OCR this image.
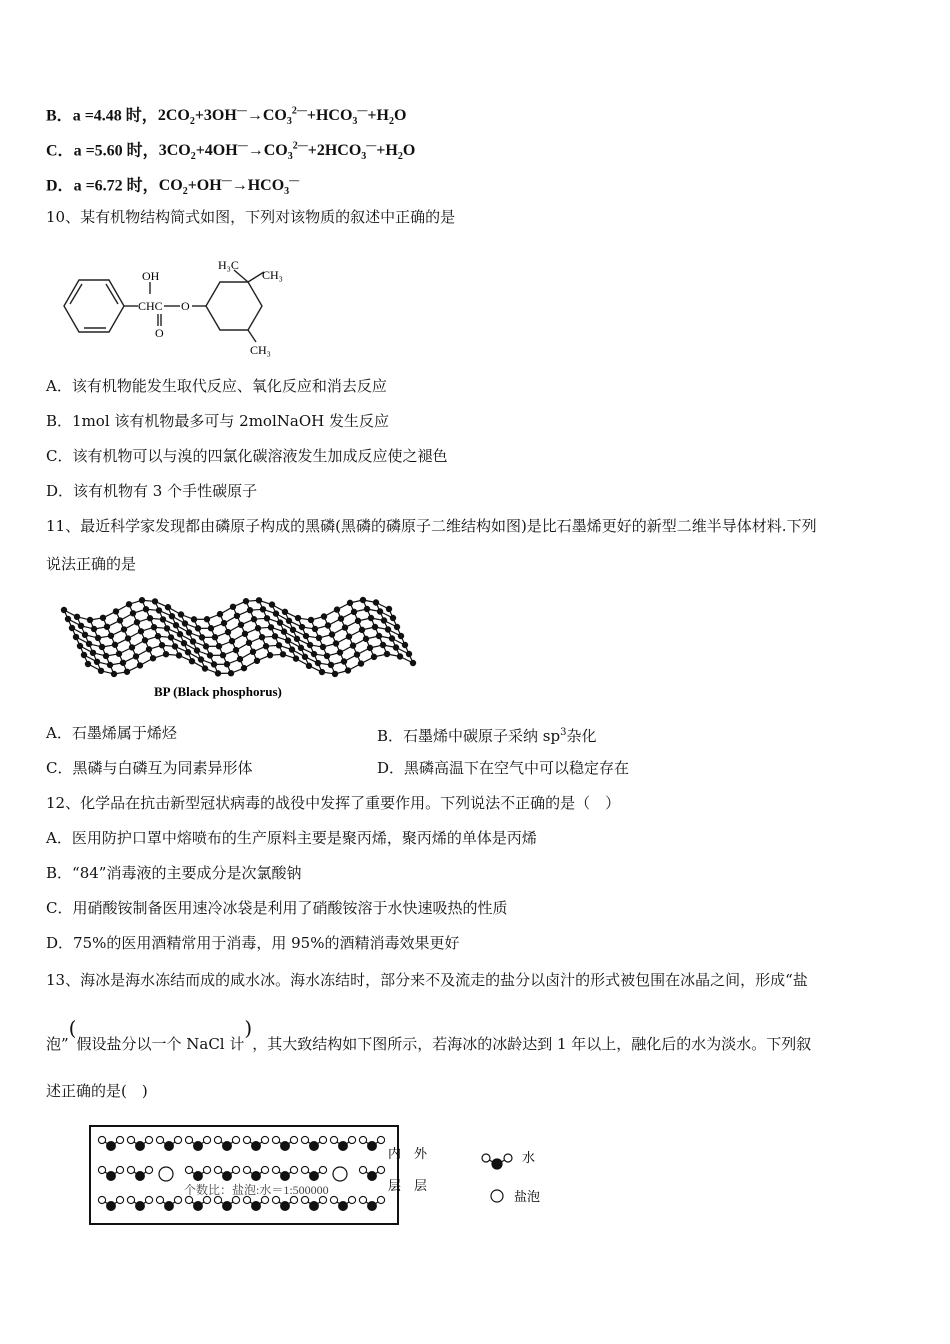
B．a =4.48 时，$2CO_2+3OH^—\to CO_3^{2—}+HCO_3^—+H_2O$
C．a =5.60 时，$3CO_2+4OH^—\to CO_3^{2—}+2HCO_3^—+H_2O$
D．a =6.72 时，$CO_2+OH^—\to HCO_3^—$
10、某有机物结构简式如图，下列对该物质的叙述中正确的是
OH
CHC O
O
H₃C
CH₃
CH₃
A．该有机物能发生取代反应、氧化反应和消去反应
B．1mol 该有机物最多可与 2molNaOH 发生反应
C．该有机物可以与溴的四氯化碳溶液发生加成反应使之褪色
D．该有机物有 3 个手性碳原子
11、最近科学家发现都由磷原子构成的黑磷(黑磷的磷原子二维结构如图)是比石墨烯更好的新型二维半导体材料.下列
说法正确的是
BP (Black phosphorus)
A．石墨烯属于烯烃	B．石墨烯中碳原子采纳 $sp^3$杂化
C．黑磷与白磷互为同素异形体	D．黑磷高温下在空气中可以稳定存在
12、化学品在抗击新型冠状病毒的战役中发挥了重要作用。下列说法不正确的是（　）
A．医用防护口罩中熔喷布的生产原料主要是聚丙烯，聚丙烯的单体是丙烯
B．“84”消毒液的主要成分是次氯酸钠
C．用硝酸铵制备医用速冷冰袋是利用了硝酸铵溶于水快速吸热的性质
D．75%的医用酒精常用于消毒，用 95%的酒精消毒效果更好
13、海冰是海水冻结而成的咸水冰。海水冻结时，部分来不及流走的盐分以卤汁的形式被包围在冰晶之间，形成“盐
泡”(假设盐分以一个 NaCl 计)，其大致结构如下图所示，若海冰的冰龄达到 1 年以上，融化后的水为淡水。下列叙
述正确的是(　)
个数比：盐泡:水＝1:500000
内 外
层 层
水
盐泡
